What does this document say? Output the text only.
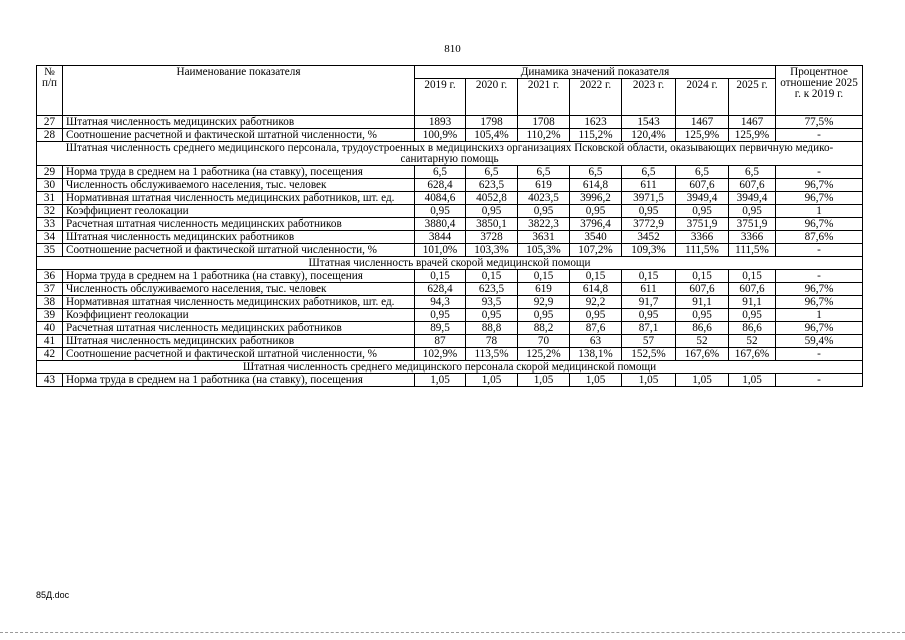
810
№
п/п	Наименование показателя	Динамика значений показателя							Процентное отношение 2025 г. к 2019 г.
		2019 г.	2020 г.	2021 г.	2022 г.	2023 г.	2024 г.	2025 г.	
27	Штатная численность медицинских работников	1893	1798	1708	1623	1543	1467	1467	77,5%
28	Соотношение расчетной и фактической штатной численности, %	100,9%	105,4%	110,2%	115,2%	120,4%	125,9%	125,9%	-
Штатная численность среднего медицинского персонала, трудоустроенных в медицинскихз организациях Псковской области, оказывающих первичную медико-санитарную помощь									
29	Норма труда в среднем на 1 работника (на ставку), посещения	6,5	6,5	6,5	6,5	6,5	6,5	6,5	-
30	Численность обслуживаемого населения, тыс. человек	628,4	623,5	619	614,8	611	607,6	607,6	96,7%
31	Нормативная штатная численность медицинских работников, шт. ед.	4084,6	4052,8	4023,5	3996,2	3971,5	3949,4	3949,4	96,7%
32	Коэффициент геолокации	0,95	0,95	0,95	0,95	0,95	0,95	0,95	1
33	Расчетная штатная численность медицинских работников	3880,4	3850,1	3822,3	3796,4	3772,9	3751,9	3751,9	96,7%
34	Штатная численность медицинских работников	3844	3728	3631	3540	3452	3366	3366	87,6%
35	Соотношение расчетной и фактической штатной численности, %	101,0%	103,3%	105,3%	107,2%	109,3%	111,5%	111,5%	-
Штатная численность врачей скорой медицинской помощи									
36	Норма труда в среднем на 1 работника (на ставку), посещения	0,15	0,15	0,15	0,15	0,15	0,15	0,15	-
37	Численность обслуживаемого населения, тыс. человек	628,4	623,5	619	614,8	611	607,6	607,6	96,7%
38	Нормативная штатная численность медицинских работников, шт. ед.	94,3	93,5	92,9	92,2	91,7	91,1	91,1	96,7%
39	Коэффициент геолокации	0,95	0,95	0,95	0,95	0,95	0,95	0,95	1
40	Расчетная штатная численность медицинских работников	89,5	88,8	88,2	87,6	87,1	86,6	86,6	96,7%
41	Штатная численность медицинских работников	87	78	70	63	57	52	52	59,4%
42	Соотношение расчетной и фактической штатной численности, %	102,9%	113,5%	125,2%	138,1%	152,5%	167,6%	167,6%	-
Штатная численность среднего медицинского персонала скорой медицинской помощи									
43	Норма труда в среднем на 1 работника (на ставку), посещения	1,05	1,05	1,05	1,05	1,05	1,05	1,05	-
85Д.doc
